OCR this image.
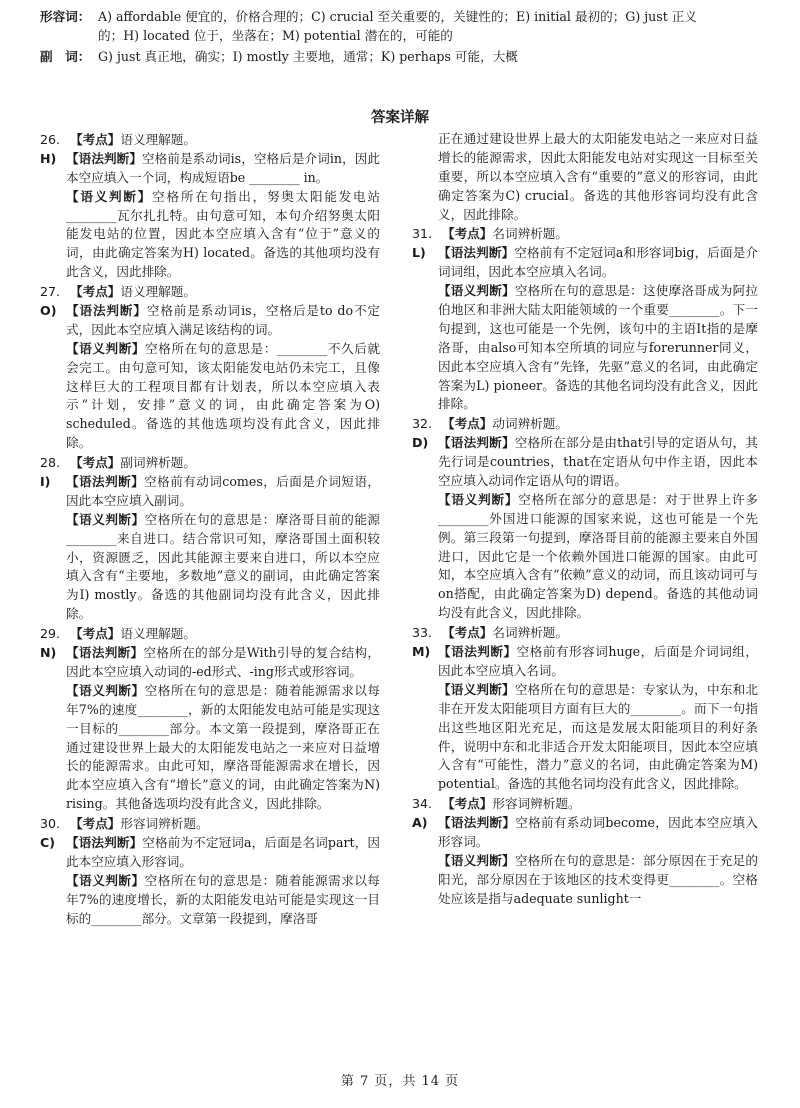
形容词： A) affordable 便宜的，价格合理的；C) crucial 至关重要的，关键性的；E) initial 最初的；G) just 正义
的；H) located 位于，坐落在；M) potential 潜在的，可能的
副　词： G) just 真正地，确实；I) mostly 主要地，通常；K) perhaps 可能，大概
答案详解
26. 【考点】 语义理解题。
H) 【语法判断】空格前是系动词is，空格后是介词in，因此本空应填入一个词，构成短语be ________ in。
【语义判断】空格所在句指出，努奥太阳能发电站________瓦尔扎扎特。由句意可知，本句介绍努奥太阳能发电站的位置，因此本空应填入含有“位于”意义的词，由此确定答案为H) located。备选的其他项均没有此含义，因此排除。
27. 【考点】 语义理解题。
O) 【语法判断】空格前是系动词is，空格后是to do不定式，因此本空应填入满足该结构的词。
【语义判断】空格所在句的意思是：________不久后就会完工。由句意可知，该太阳能发电站仍未完工，且像这样巨大的工程项目都有计划表，所以本空应填入表示“计划，安排”意义的词，由此确定答案为O) scheduled。备选的其他选项均没有此含义，因此排除。
28. 【考点】 副词辨析题。
I)	【语法判断】空格前有动词comes，后面是介词短语，因此本空应填入副词。
【语义判断】空格所在句的意思是：摩洛哥目前的能源________来自进口。结合常识可知，摩洛哥国土面积较小，资源匮乏，因此其能源主要来自进口，所以本空应填入含有“主要地，多数地”意义的副词，由此确定答案为I) mostly。备选的其他副词均没有此含义，因此排除。
29. 【考点】 语义理解题。
N) 【语法判断】空格所在的部分是With引导的复合结构，因此本空应填入动词的-ed形式、-ing形式或形容词。
【语义判断】空格所在句的意思是：随着能源需求以每年7%的速度________，新的太阳能发电站可能是实现这一目标的________部分。本文第一段提到，摩洛哥正在通过建设世界上最大的太阳能发电站之一来应对日益增长的能源需求。由此可知，摩洛哥能源需求在增长，因此本空应填入含有“增长”意义的词，由此确定答案为N) rising。其他备选项均没有此含义，因此排除。
30. 【考点】 形容词辨析题。
C) 【语法判断】空格前为不定冠词a，后面是名词part，因此本空应填入形容词。
【语义判断】空格所在句的意思是：随着能源需求以每年7%的速度增长，新的太阳能发电站可能是实现这一目标的________部分。文章第一段提到，摩洛哥
正在通过建设世界上最大的太阳能发电站之一来应对日益增长的能源需求，因此太阳能发电站对实现这一目标至关重要，所以本空应填入含有“重要的”意义的形容词，由此确定答案为C) crucial。备选的其他形容词均没有此含义，因此排除。
31. 【考点】 名词辨析题。
L) 【语法判断】空格前有不定冠词a和形容词big，后面是介词词组，因此本空应填入名词。
【语义判断】空格所在句的意思是：这使摩洛哥成为阿拉伯地区和非洲大陆太阳能领域的一个重要________。下一句提到，这也可能是一个先例，该句中的主语It指的是摩洛哥，由also可知本空所填的词应与forerunner同义，因此本空应填入含有“先锋，先驱”意义的名词，由此确定答案为L) pioneer。备选的其他名词均没有此含义，因此排除。
32. 【考点】 动词辨析题。
D) 【语法判断】空格所在部分是由that引导的定语从句，其先行词是countries，that在定语从句中作主语，因此本空应填入动词作定语从句的谓语。
【语义判断】空格所在部分的意思是：对于世界上许多________外国进口能源的国家来说，这也可能是一个先例。第三段第一句提到，摩洛哥目前的能源主要来自外国进口，因此它是一个依赖外国进口能源的国家。由此可知，本空应填入含有“依赖”意义的动词，而且该动词可与on搭配，由此确定答案为D) depend。备选的其他动词均没有此含义，因此排除。
33. 【考点】 名词辨析题。
M) 【语法判断】空格前有形容词huge，后面是介词词组，因此本空应填入名词。
【语义判断】空格所在句的意思是：专家认为，中东和北非在开发太阳能项目方面有巨大的________。而下一句指出这些地区阳光充足，而这是发展太阳能项目的利好条件，说明中东和北非适合开发太阳能项目，因此本空应填入含有“可能性，潜力”意义的名词，由此确定答案为M) potential。备选的其他名词均没有此含义，因此排除。
34. 【考点】 形容词辨析题。
A) 【语法判断】空格前有系动词become，因此本空应填入形容词。
【语义判断】空格所在句的意思是：部分原因在于充足的阳光，部分原因在于该地区的技术变得更________。空格处应该是指与adequate sunlight一
第 7 页，共 14 页
